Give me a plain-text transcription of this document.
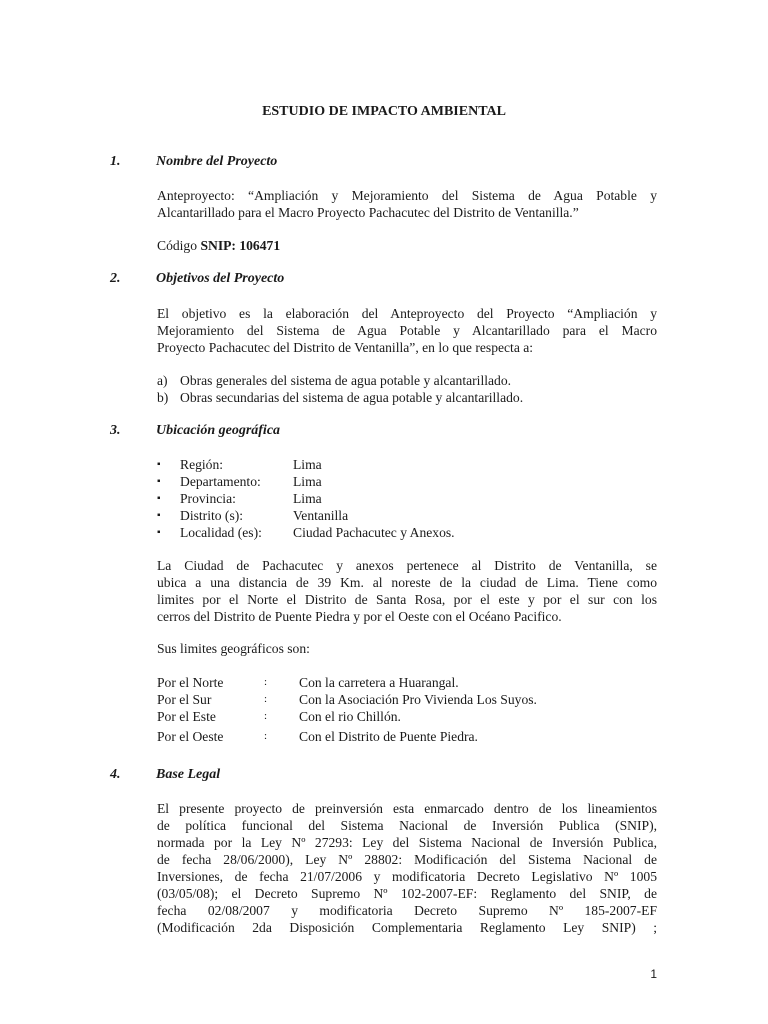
ESTUDIO DE IMPACTO AMBIENTAL
1.	Nombre del Proyecto
Anteproyecto: “Ampliación y Mejoramiento del Sistema de Agua Potable y
Alcantarillado para el Macro Proyecto Pachacutec del Distrito de Ventanilla.”
Código SNIP: 106471
2.	Objetivos del Proyecto
El objetivo es la elaboración del Anteproyecto del Proyecto “Ampliación y
Mejoramiento del Sistema de Agua Potable y Alcantarillado para el Macro
Proyecto Pachacutec del Distrito de Ventanilla”, en lo que respecta a:
a) Obras generales del sistema de agua potable y alcantarillado.
b) Obras secundarias del sistema de agua potable y alcantarillado.
3.	Ubicación geográfica
▪	Región:	Lima
▪	Departamento:	Lima
▪	Provincia:	Lima
▪	Distrito (s):	Ventanilla
▪	Localidad (es):	Ciudad Pachacutec y Anexos.
La Ciudad de Pachacutec y anexos pertenece al Distrito de Ventanilla, se
ubica a una distancia de 39 Km. al noreste de la ciudad de Lima. Tiene como
limites por el Norte el Distrito de Santa Rosa, por el este y por el sur con los
cerros del Distrito de Puente Piedra y por el Oeste con el Océano Pacifico.
Sus limites geográficos son:
Por el Norte	:	Con la carretera a Huarangal.
Por el Sur	:	Con la Asociación Pro Vivienda Los Suyos.
Por el Este	:	Con el rio Chillón.
Por el Oeste	:	Con el Distrito de Puente Piedra.
4.	Base Legal
El presente proyecto de preinversión esta enmarcado dentro de los lineamientos
de política funcional del Sistema Nacional de Inversión Publica (SNIP),
normada por la Ley Nº 27293: Ley del Sistema Nacional de Inversión Publica,
de fecha 28/06/2000), Ley Nº 28802: Modificación del Sistema Nacional de
Inversiones, de fecha 21/07/2006 y modificatoria Decreto Legislativo Nº 1005
(03/05/08); el Decreto Supremo Nº 102-2007-EF: Reglamento del SNIP, de
fecha 02/08/2007 y modificatoria Decreto Supremo Nº 185-2007-EF
(Modificación 2da Disposición Complementaria Reglamento Ley SNIP) ;
1
